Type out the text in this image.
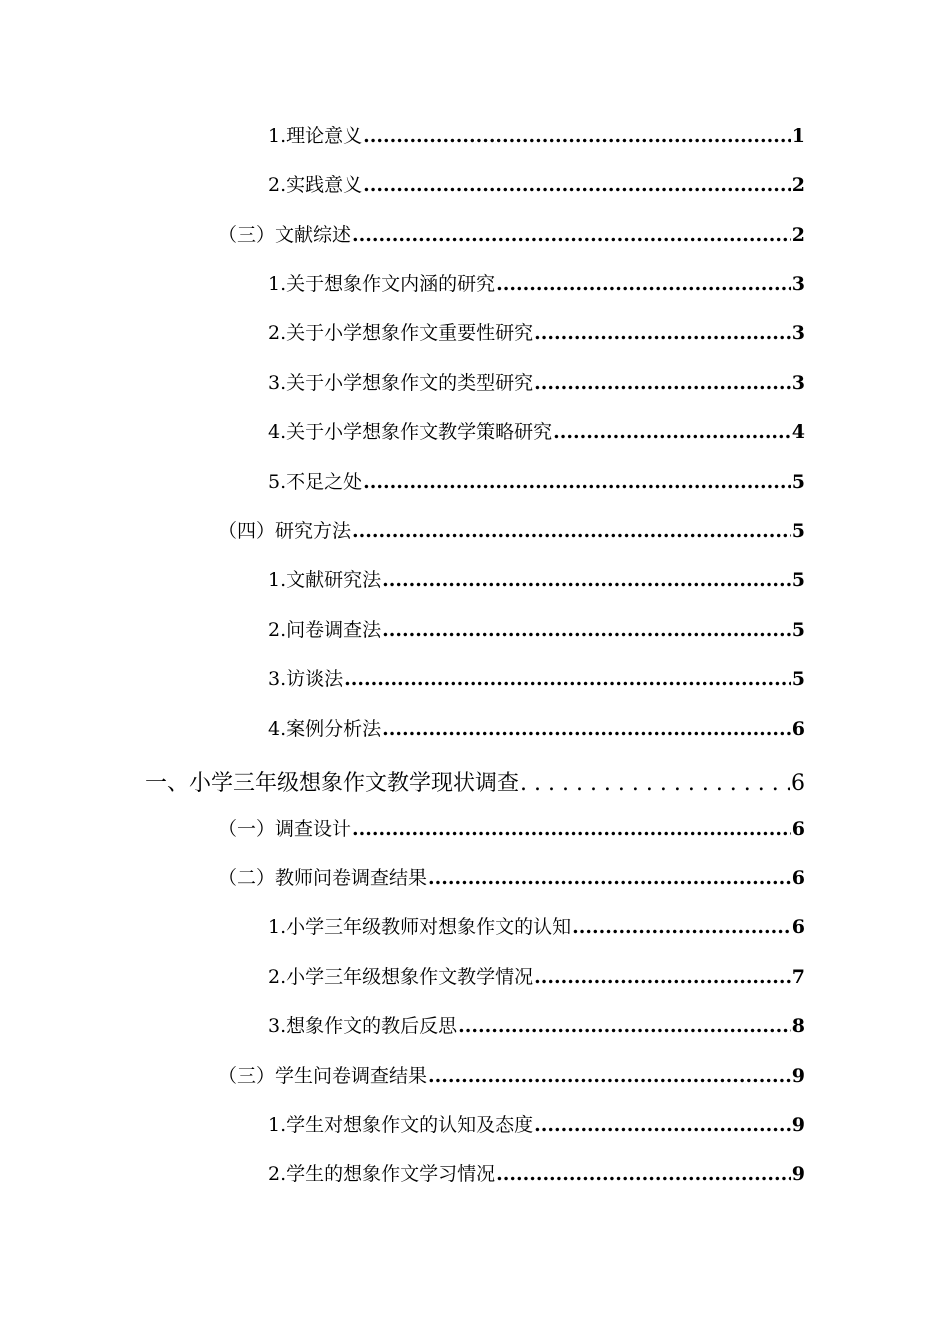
1.理论意义 .....	1
2.实践意义 .....	2
（三）文献综述 .....	2
1.关于想象作文内涵的研究 .....	3
2.关于小学想象作文重要性研究 .....	3
3.关于小学想象作文的类型研究 .....	3
4.关于小学想象作文教学策略研究 .....	4
5.不足之处 .....	5
（四）研究方法 .....	5
1.文献研究法 .....	5
2.问卷调查法 .....	5
3.访谈法 .....	5
4.案例分析法 .....	6
一、小学三年级想象作文教学现状调查 . . .	6
（一）调查设计 .....	6
（二）教师问卷调查结果 .....	6
1.小学三年级教师对想象作文的认知 .....	6
2.小学三年级想象作文教学情况 .....	7
3.想象作文的教后反思 .....	8
（三）学生问卷调查结果 .....	9
1.学生对想象作文的认知及态度 .....	9
2.学生的想象作文学习情况 .....	9
